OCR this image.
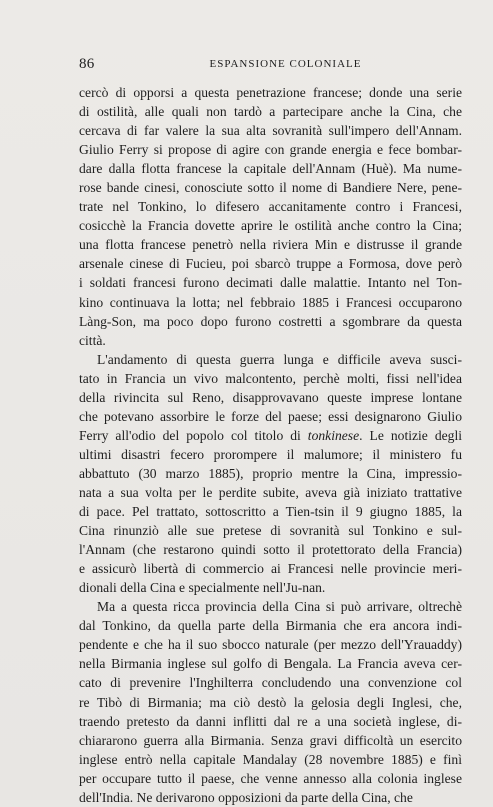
86	ESPANSIONE COLONIALE
cercò di opporsi a questa penetrazione francese; donde una serie
di ostilità, alle quali non tardò a partecipare anche la Cina, che
cercava di far valere la sua alta sovranità sull'impero dell'Annam.
Giulio Ferry si propose di agire con grande energia e fece bombar-
dare dalla flotta francese la capitale dell'Annam (Huè). Ma nume-
rose bande cinesi, conosciute sotto il nome di Bandiere Nere, pene-
trate nel Tonkino, lo difesero accanitamente contro i Francesi,
cosicchè la Francia dovette aprire le ostilità anche contro la Cina;
una flotta francese penetrò nella riviera Min e distrusse il grande
arsenale cinese di Fucieu, poi sbarcò truppe a Formosa, dove però
i soldati francesi furono decimati dalle malattie. Intanto nel Ton-
kino continuava la lotta; nel febbraio 1885 i Francesi occuparono
Làng-Son, ma poco dopo furono costretti a sgombrare da questa
città.
L'andamento di questa guerra lunga e difficile aveva susci-
tato in Francia un vivo malcontento, perchè molti, fissi nell'idea
della rivincita sul Reno, disapprovavano queste imprese lontane
che potevano assorbire le forze del paese; essi designarono Giulio
Ferry all'odio del popolo col titolo di tonkinese. Le notizie degli
ultimi disastri fecero prorompere il malumore; il ministero fu
abbattuto (30 marzo 1885), proprio mentre la Cina, impressio-
nata a sua volta per le perdite subite, aveva già iniziato trattative
di pace. Pel trattato, sottoscritto a Tien-tsin il 9 giugno 1885, la
Cina rinunziò alle sue pretese di sovranità sul Tonkino e sul-
l'Annam (che restarono quindi sotto il protettorato della Francia)
e assicurò libertà di commercio ai Francesi nelle provincie meri-
dionali della Cina e specialmente nell'Ju-nan.
Ma a questa ricca provincia della Cina si può arrivare, oltrechè
dal Tonkino, da quella parte della Birmania che era ancora indi-
pendente e che ha il suo sbocco naturale (per mezzo dell'Yrauaddy)
nella Birmania inglese sul golfo di Bengala. La Francia aveva cer-
cato di prevenire l'Inghilterra concludendo una convenzione col
re Tibò di Birmania; ma ciò destò la gelosia degli Inglesi, che,
traendo pretesto da danni inflitti dal re a una società inglese, di-
chiararono guerra alla Birmania. Senza gravi difficoltà un esercito
inglese entrò nella capitale Mandalay (28 novembre 1885) e finì
per occupare tutto il paese, che venne annesso alla colonia inglese
dell'India. Ne derivarono opposizioni da parte della Cina, che
